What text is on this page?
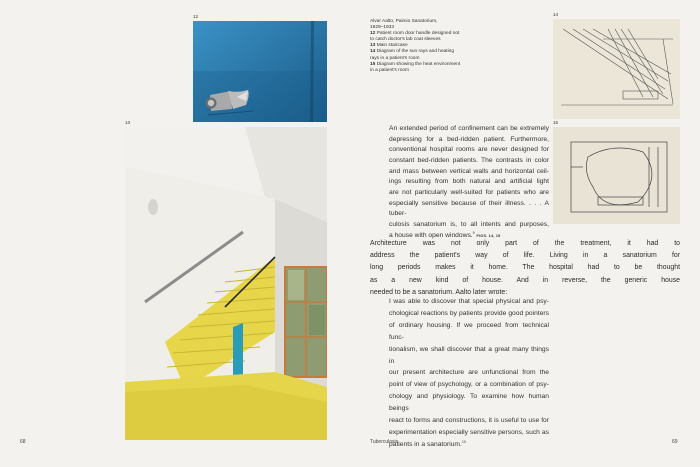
12
13
14
15
Alvar Aalto, Paimio Sanatorium,
1929–1933
12 Patient room door handle designed not
to catch doctor's lab coat sleeves
13 Main staircase
14 Diagram of the sun rays and heating
rays in a patient's room
15 Diagram showing the heat environment
in a patient's room
An extended period of confinement can be extremely
depressing for a bed-ridden patient. Furthermore,
conventional hospital rooms are never designed for
constant bed-ridden patients. The contrasts in color
and mass between vertical walls and horizontal ceil-
ings resulting from both natural and artificial light
are not particularly well-suited for patients who are
especially sensitive because of their illness. . . . A tuber-
culosis sanatorium is, to all intents and purposes,
a house with open windows.$^9$ FIGS. 14, 15
Architecture was not only part of the treatment, it had to
address the patient's way of life. Living in a sanatorium for
long periods makes it home. The hospital had to be thought
as a new kind of house. And in reverse, the generic house
needed to be a sanatorium. Aalto later wrote:
I was able to discover that special physical and psy-
chological reactions by patients provide good pointers
of ordinary housing. If we proceed from technical func-
tionalism, we shall discover that a great many things in
our present architecture are unfunctional from the
point of view of psychology, or a combination of psy-
chology and physiology. To examine how human beings
react to forms and constructions, it is useful to use for
experimentation especially sensitive persons, such as
patients in a sanatorium.$^{10}$
68	Tuberculosis	69
